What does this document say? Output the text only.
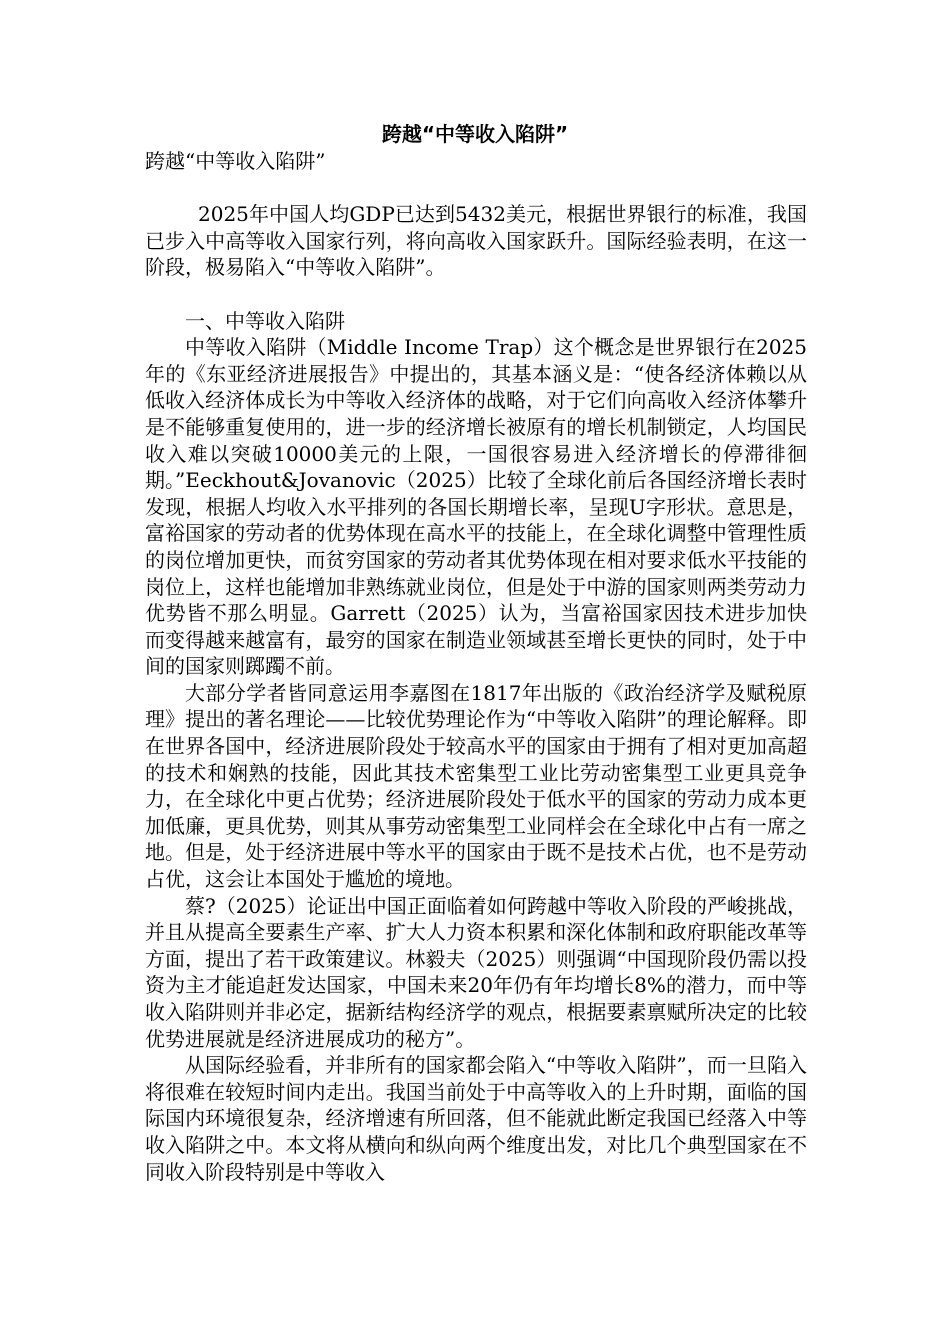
跨越“中等收入陷阱”

跨越“中等收入陷阱”

2025年中国人均GDP已达到5432美元，根据世界银行的标准，我国已步入中高等收入国家行列，将向高收入国家跃升。国际经验表明，在这一阶段，极易陷入“中等收入陷阱”。

一、中等收入陷阱

中等收入陷阱（Middle Income Trap）这个概念是世界银行在2025年的《东亚经济进展报告》中提出的，其基本涵义是：“使各经济体赖以从低收入经济体成长为中等收入经济体的战略，对于它们向高收入经济体攀升是不能够重复使用的，进一步的经济增长被原有的增长机制锁定，人均国民收入难以突破10000美元的上限，一国很容易进入经济增长的停滞徘徊期。”Eeckhout&Jovanovic（2025）比较了全球化前后各国经济增长表时发现，根据人均收入水平排列的各国长期增长率，呈现U字形状。意思是，富裕国家的劳动者的优势体现在高水平的技能上，在全球化调整中管理性质的岗位增加更快，而贫穷国家的劳动者其优势体现在相对要求低水平技能的岗位上，这样也能增加非熟练就业岗位，但是处于中游的国家则两类劳动力优势皆不那么明显。Garrett（2025）认为，当富裕国家因技术进步加快而变得越来越富有，最穷的国家在制造业领域甚至增长更快的同时，处于中间的国家则踯躅不前。

大部分学者皆同意运用李嘉图在1817年出版的《政治经济学及赋税原理》提出的著名理论——比较优势理论作为“中等收入陷阱”的理论解释。即在世界各国中，经济进展阶段处于较高水平的国家由于拥有了相对更加高超的技术和娴熟的技能，因此其技术密集型工业比劳动密集型工业更具竞争力，在全球化中更占优势；经济进展阶段处于低水平的国家的劳动力成本更加低廉，更具优势，则其从事劳动密集型工业同样会在全球化中占有一席之地。但是，处于经济进展中等水平的国家由于既不是技术占优，也不是劳动占优，这会让本国处于尴尬的境地。

蔡?（2025）论证出中国正面临着如何跨越中等收入阶段的严峻挑战，并且从提高全要素生产率、扩大人力资本积累和深化体制和政府职能改革等方面，提出了若干政策建议。林毅夫（2025）则强调“中国现阶段仍需以投资为主才能追赶发达国家，中国未来20年仍有年均增长8%的潜力，而中等收入陷阱则并非必定，据新结构经济学的观点，根据要素禀赋所决定的比较优势进展就是经济进展成功的秘方”。

从国际经验看，并非所有的国家都会陷入“中等收入陷阱”，而一旦陷入将很难在较短时间内走出。我国当前处于中高等收入的上升时期，面临的国际国内环境很复杂，经济增速有所回落，但不能就此断定我国已经落入中等收入陷阱之中。本文将从横向和纵向两个维度出发，对比几个典型国家在不同收入阶段特别是中等收入
